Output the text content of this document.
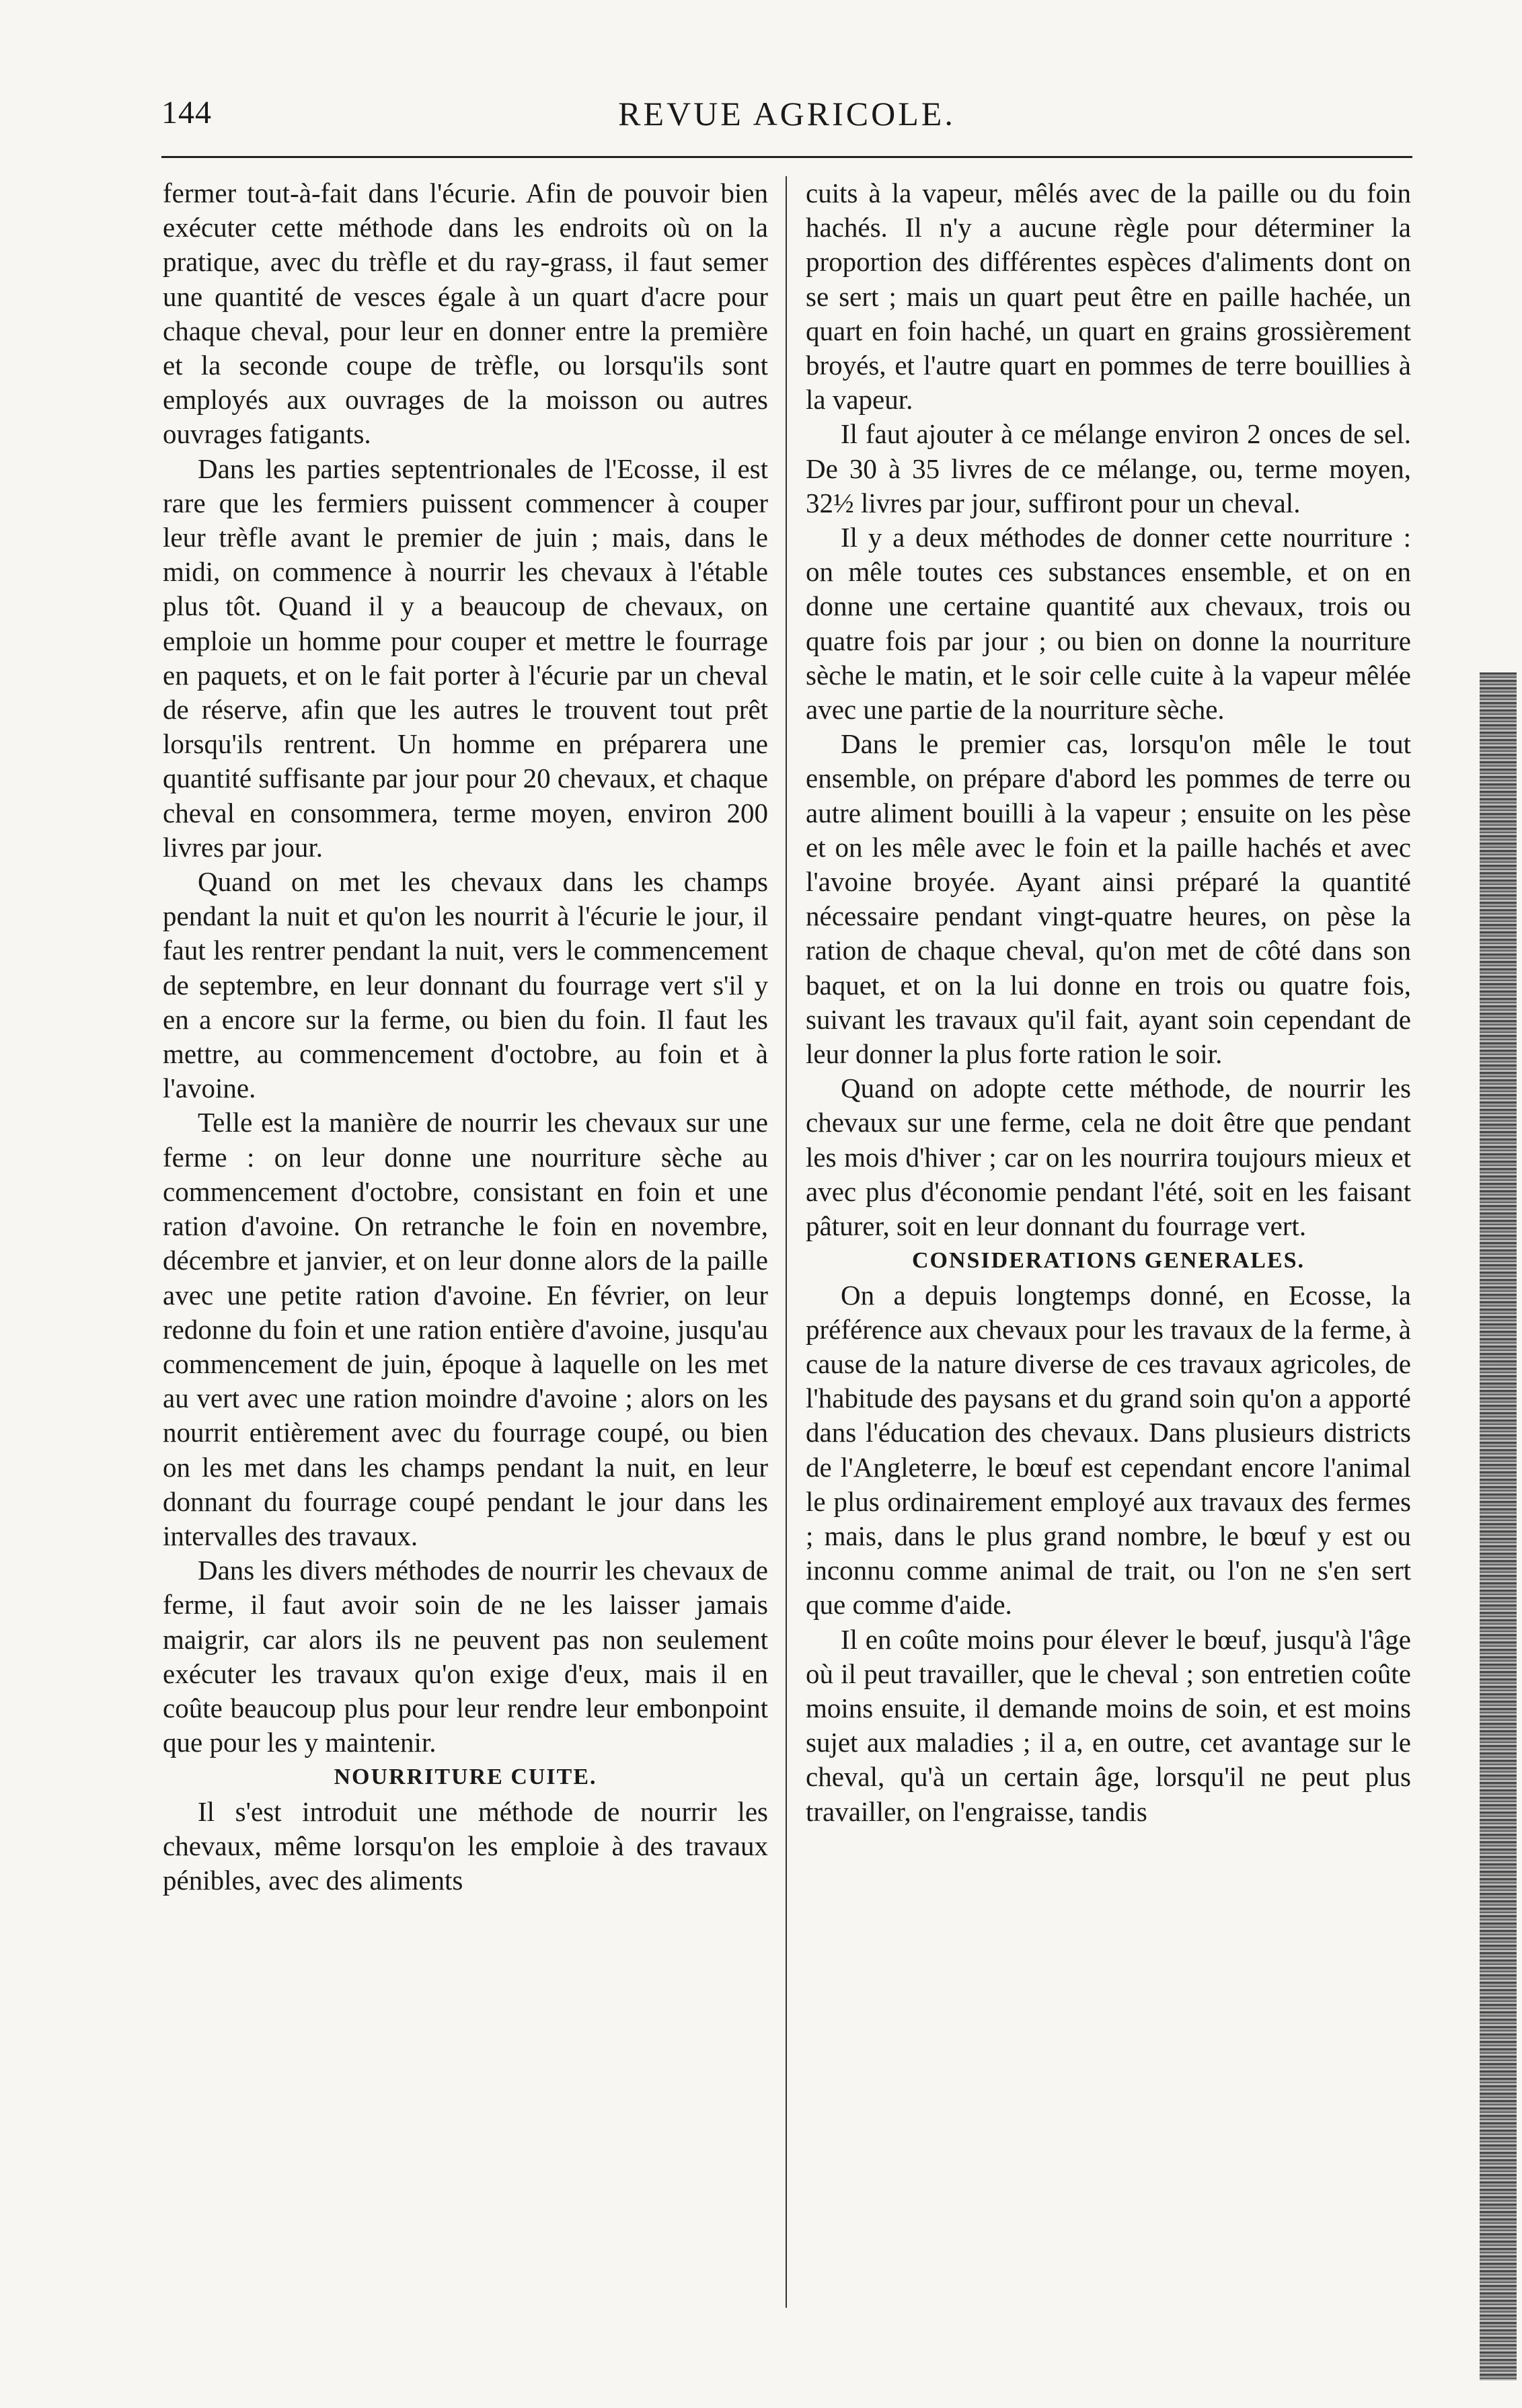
144	REVUE AGRICOLE.

fermer tout-à-fait dans l'écurie. Afin de pouvoir bien exécuter cette méthode dans les endroits où on la pratique, avec du trèfle et du ray-grass, il faut semer une quantité de vesces égale à un quart d'acre pour chaque cheval, pour leur en donner entre la première et la seconde coupe de trèfle, ou lorsqu'ils sont employés aux ouvrages de la moisson ou autres ouvrages fatigants.

Dans les parties septentrionales de l'Ecosse, il est rare que les fermiers puissent commencer à couper leur trèfle avant le premier de juin ; mais, dans le midi, on commence à nourrir les chevaux à l'étable plus tôt. Quand il y a beaucoup de chevaux, on emploie un homme pour couper et mettre le fourrage en paquets, et on le fait porter à l'écurie par un cheval de réserve, afin que les autres le trouvent tout prêt lorsqu'ils rentrent. Un homme en préparera une quantité suffisante par jour pour 20 chevaux, et chaque cheval en consommera, terme moyen, environ 200 livres par jour.

Quand on met les chevaux dans les champs pendant la nuit et qu'on les nourrit à l'écurie le jour, il faut les rentrer pendant la nuit, vers le commencement de septembre, en leur donnant du fourrage vert s'il y en a encore sur la ferme, ou bien du foin. Il faut les mettre, au commencement d'octobre, au foin et à l'avoine.

Telle est la manière de nourrir les chevaux sur une ferme : on leur donne une nourriture sèche au commencement d'octobre, consistant en foin et une ration d'avoine. On retranche le foin en novembre, décembre et janvier, et on leur donne alors de la paille avec une petite ration d'avoine. En février, on leur redonne du foin et une ration entière d'avoine, jusqu'au commencement de juin, époque à laquelle on les met au vert avec une ration moindre d'avoine ; alors on les nourrit entièrement avec du fourrage coupé, ou bien on les met dans les champs pendant la nuit, en leur donnant du fourrage coupé pendant le jour dans les intervalles des travaux.

Dans les divers méthodes de nourrir les chevaux de ferme, il faut avoir soin de ne les laisser jamais maigrir, car alors ils ne peuvent pas non seulement exécuter les travaux qu'on exige d'eux, mais il en coûte beaucoup plus pour leur rendre leur embonpoint que pour les y maintenir.

NOURRITURE CUITE.

Il s'est introduit une méthode de nourrir les chevaux, même lorsqu'on les emploie à des travaux pénibles, avec des aliments

cuits à la vapeur, mêlés avec de la paille ou du foin hachés. Il n'y a aucune règle pour déterminer la proportion des différentes espèces d'aliments dont on se sert ; mais un quart peut être en paille hachée, un quart en foin haché, un quart en grains grossièrement broyés, et l'autre quart en pommes de terre bouillies à la vapeur.

Il faut ajouter à ce mélange environ 2 onces de sel. De 30 à 35 livres de ce mélange, ou, terme moyen, 32½ livres par jour, suffiront pour un cheval.

Il y a deux méthodes de donner cette nourriture : on mêle toutes ces substances ensemble, et on en donne une certaine quantité aux chevaux, trois ou quatre fois par jour ; ou bien on donne la nourriture sèche le matin, et le soir celle cuite à la vapeur mêlée avec une partie de la nourriture sèche.

Dans le premier cas, lorsqu'on mêle le tout ensemble, on prépare d'abord les pommes de terre ou autre aliment bouilli à la vapeur ; ensuite on les pèse et on les mêle avec le foin et la paille hachés et avec l'avoine broyée. Ayant ainsi préparé la quantité nécessaire pendant vingt-quatre heures, on pèse la ration de chaque cheval, qu'on met de côté dans son baquet, et on la lui donne en trois ou quatre fois, suivant les travaux qu'il fait, ayant soin cependant de leur donner la plus forte ration le soir.

Quand on adopte cette méthode, de nourrir les chevaux sur une ferme, cela ne doit être que pendant les mois d'hiver ; car on les nourrira toujours mieux et avec plus d'économie pendant l'été, soit en les faisant pâturer, soit en leur donnant du fourrage vert.

CONSIDERATIONS GENERALES.

On a depuis longtemps donné, en Ecosse, la préférence aux chevaux pour les travaux de la ferme, à cause de la nature diverse de ces travaux agricoles, de l'habitude des paysans et du grand soin qu'on a apporté dans l'éducation des chevaux. Dans plusieurs districts de l'Angleterre, le bœuf est cependant encore l'animal le plus ordinairement employé aux travaux des fermes ; mais, dans le plus grand nombre, le bœuf y est ou inconnu comme animal de trait, ou l'on ne s'en sert que comme d'aide.

Il en coûte moins pour élever le bœuf, jusqu'à l'âge où il peut travailler, que le cheval ; son entretien coûte moins ensuite, il demande moins de soin, et est moins sujet aux maladies ; il a, en outre, cet avantage sur le cheval, qu'à un certain âge, lorsqu'il ne peut plus travailler, on l'engraisse, tandis
